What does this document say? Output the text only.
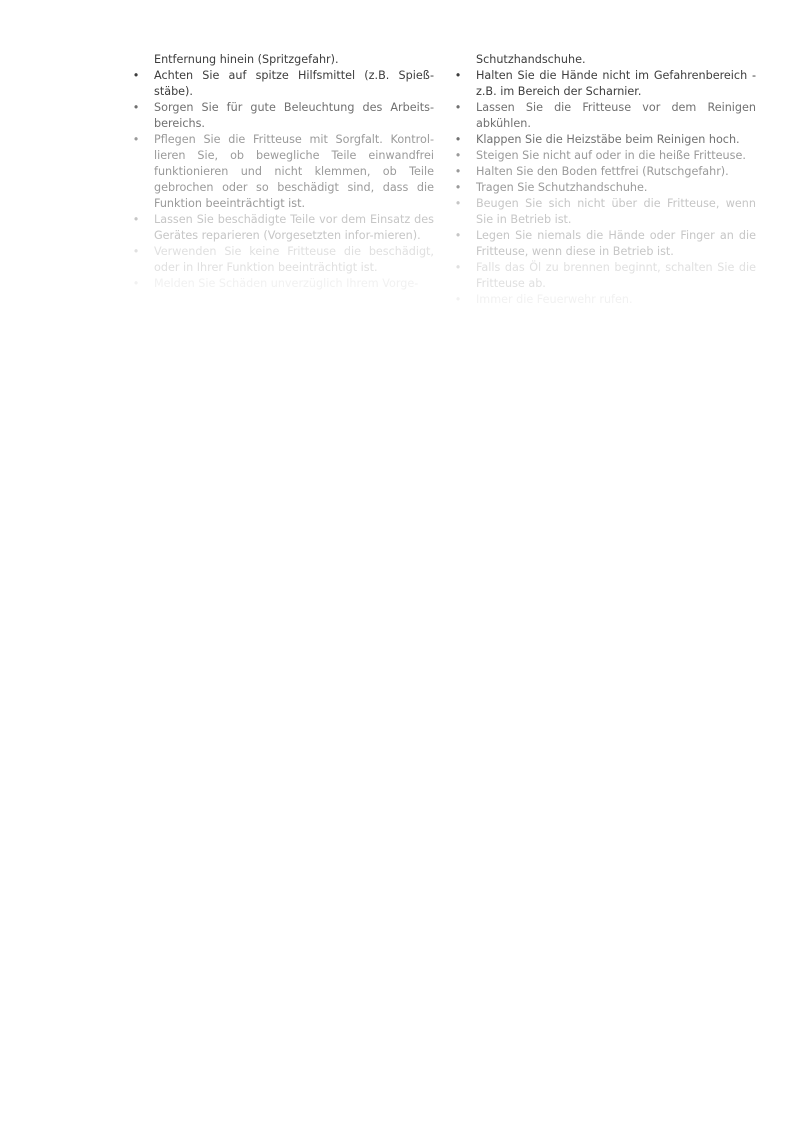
Entfernung hinein (Spritzgefahr).

• Achten Sie auf spitze Hilfsmittel (z.B. Spieß-stäbe).
• Sorgen Sie für gute Beleuchtung des Arbeits-bereichs.
• Pflegen Sie die Fritteuse mit Sorgfalt. Kontrol-lieren Sie, ob bewegliche Teile einwandfrei funktionieren und nicht klemmen, ob Teile gebrochen oder so beschädigt sind, dass die Funktion beeinträchtigt ist.
• Lassen Sie beschädigte Teile vor dem Einsatz des Gerätes reparieren (Vorgesetzten infor-mieren).
• Verwenden Sie keine Fritteuse die beschädigt, oder in Ihrer Funktion beeinträchtigt ist.
• Melden Sie Schäden unverzüglich Ihrem Vorge-

Schutzhandschuhe.

• Halten Sie die Hände nicht im Gefahrenbereich - z.B. im Bereich der Scharnier.
• Lassen Sie die Fritteuse vor dem Reinigen abkühlen.
• Klappen Sie die Heizstäbe beim Reinigen hoch.
• Steigen Sie nicht auf oder in die heiße Fritteuse.
• Halten Sie den Boden fettfrei (Rutschgefahr).
• Tragen Sie Schutzhandschuhe.
• Beugen Sie sich nicht über die Fritteuse, wenn Sie in Betrieb ist.
• Legen Sie niemals die Hände oder Finger an die Fritteuse, wenn diese in Betrieb ist.
• Falls das Öl zu brennen beginnt, schalten Sie die Fritteuse ab.
• Immer die Feuerwehr rufen.
